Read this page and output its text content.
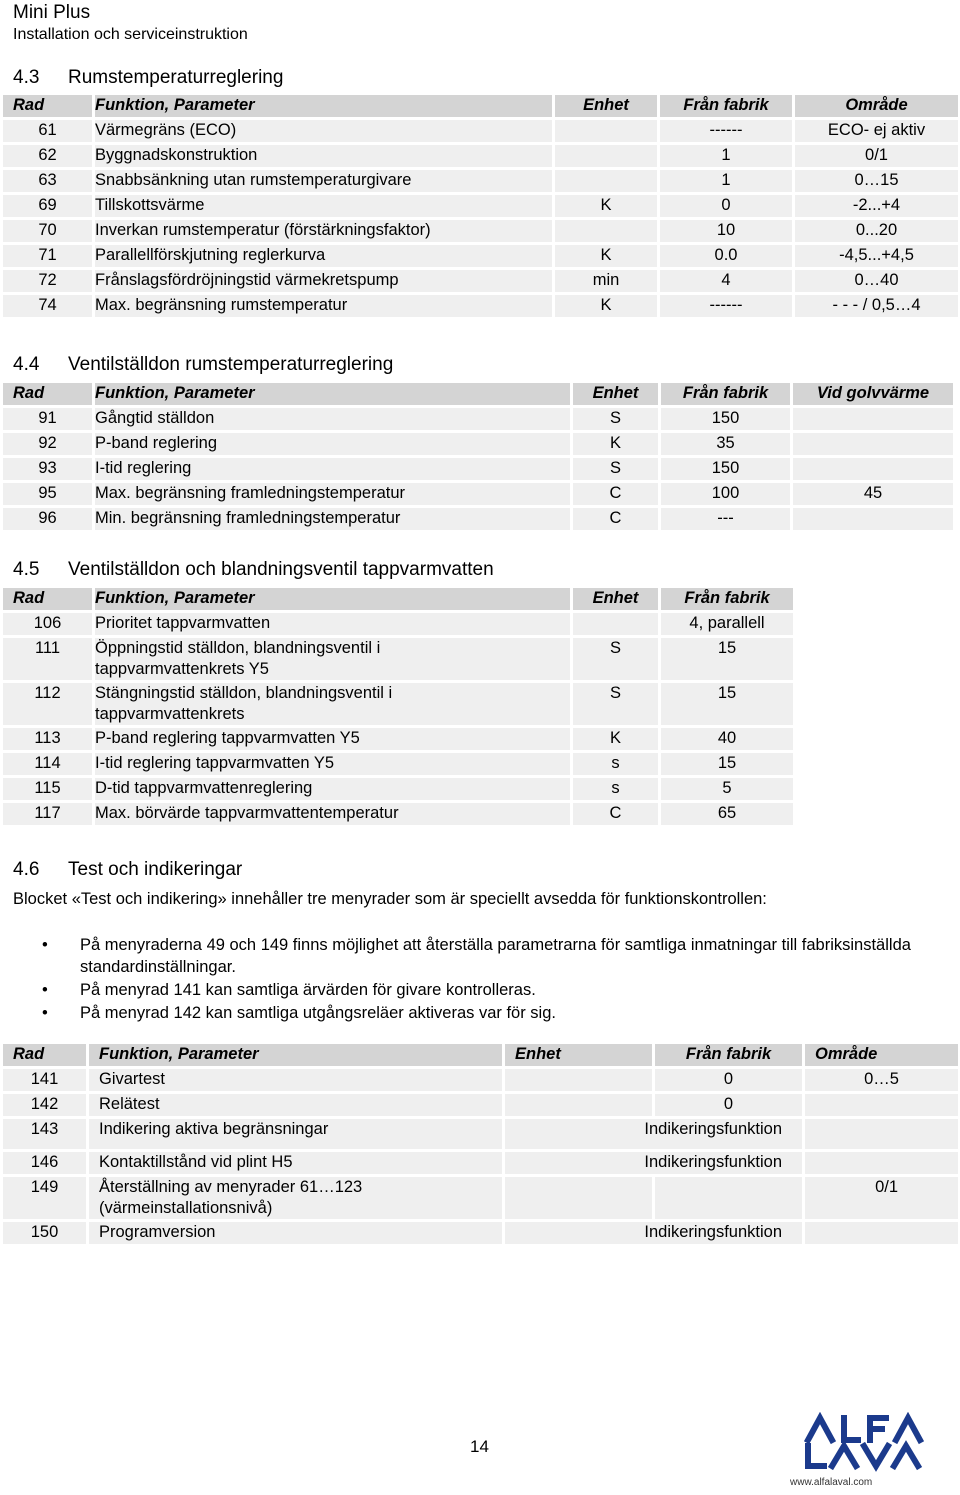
Mini Plus
Installation och serviceinstruktion
4.3 Rumstemperaturreglering
Rad	Funktion, Parameter	Enhet	Från fabrik	Område
61	Värmegräns (ECO)		------	ECO- ej aktiv
62	Byggnadskonstruktion		1	0/1
63	Snabbsänkning utan rumstemperaturgivare		1	0…15
69	Tillskottsvärme	K	0	-2...+4
70	Inverkan rumstemperatur (förstärkningsfaktor)		10	0...20
71	Parallellförskjutning reglerkurva	K	0.0	-4,5...+4,5
72	Frånslagsfördröjningstid värmekretspump	min	4	0…40
74	Max. begränsning rumstemperatur	K	------	- - - / 0,5…4
4.4 Ventilställdon rumstemperaturreglering
Rad	Funktion, Parameter	Enhet	Från fabrik	Vid golvvärme
91	Gångtid ställdon	S	150	
92	P-band reglering	K	35	
93	I-tid reglering	S	150	
95	Max. begränsning framledningstemperatur	C	100	45
96	Min. begränsning framledningstemperatur	C	---	
4.5 Ventilställdon och blandningsventil tappvarmvatten
Rad	Funktion, Parameter	Enhet	Från fabrik
106	Prioritet tappvarmvatten		4, parallell
111	Öppningstid ställdon, blandningsventil i tappvarmvattenkrets Y5	S	15
112	Stängningstid ställdon, blandningsventil i tappvarmvattenkrets	S	15
113	P-band reglering tappvarmvatten Y5	K	40
114	I-tid reglering tappvarmvatten Y5	s	15
115	D-tid tappvarmvattenreglering	s	5
117	Max. börvärde tappvarmvattentemperatur	C	65
4.6 Test och indikeringar
Blocket «Test och indikering» innehåller tre menyrader som är speciellt avsedda för funktionskontrollen:
• På menyraderna 49 och 149 finns möjlighet att återställa parametrarna för samtliga inmatningar till fabriksinställda standardinställningar.
• På menyrad 141 kan samtliga ärvärden för givare kontrolleras.
• På menyrad 142 kan samtliga utgångsreläer aktiveras var för sig.
Rad	Funktion, Parameter	Enhet	Från fabrik	Område
141	Givartest		0	0…5
142	Relätest		0	
143	Indikering aktiva begränsningar	Indikeringsfunktion		
146	Kontaktillstånd vid plint H5	Indikeringsfunktion		
149	Återställning av menyrader 61…123 (värmeinstallationsnivå)			0/1
150	Programversion	Indikeringsfunktion		
14
www.alfalaval.com
